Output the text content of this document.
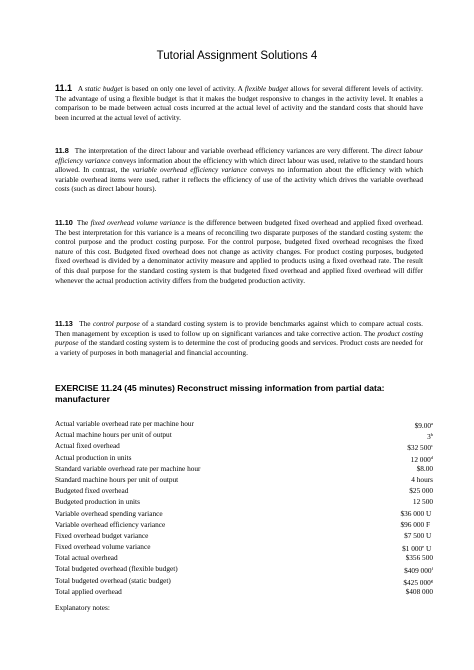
Tutorial Assignment Solutions 4
11.1 A static budget is based on only one level of activity. A flexible budget allows for several different levels of activity. The advantage of using a flexible budget is that it makes the budget responsive to changes in the activity level. It enables a comparison to be made between actual costs incurred at the actual level of activity and the standard costs that should have been incurred at the actual level of activity.
11.8 The interpretation of the direct labour and variable overhead efficiency variances are very different. The direct labour efficiency variance conveys information about the efficiency with which direct labour was used, relative to the standard hours allowed. In contrast, the variable overhead efficiency variance conveys no information about the efficiency with which variable overhead items were used, rather it reflects the efficiency of use of the activity which drives the variable overhead costs (such as direct labour hours).
11.10 The fixed overhead volume variance is the difference between budgeted fixed overhead and applied fixed overhead. The best interpretation for this variance is a means of reconciling two disparate purposes of the standard costing system: the control purpose and the product costing purpose. For the control purpose, budgeted fixed overhead recognises the fixed nature of this cost. Budgeted fixed overhead does not change as activity changes. For product costing purposes, budgeted fixed overhead is divided by a denominator activity measure and applied to products using a fixed overhead rate. The result of this dual purpose for the standard costing system is that budgeted fixed overhead and applied fixed overhead will differ whenever the actual production activity differs from the budgeted production activity.
11.13 The control purpose of a standard costing system is to provide benchmarks against which to compare actual costs. Then management by exception is used to follow up on significant variances and take corrective action. The product costing purpose of the standard costing system is to determine the cost of producing goods and services. Product costs are needed for a variety of purposes in both managerial and financial accounting.
EXERCISE 11.24 (45 minutes) Reconstruct missing information from partial data: manufacturer
Actual variable overhead rate per machine hour	$9.00$^a$
Actual machine hours per unit of output	3$^b$
Actual fixed overhead	$32 500$^c$
Actual production in units	12 000$^d$
Standard variable overhead rate per machine hour	$8.00
Standard machine hours per unit of output	4 hours
Budgeted fixed overhead	$25 000
Budgeted production in units	12 500
Variable overhead spending variance	$36 000 U
Variable overhead efficiency variance	$96 000 F
Fixed overhead budget variance	$7 500 U
Fixed overhead volume variance	$1 000e U
Total actual overhead	$356 500
Total budgeted overhead (flexible budget)	$409 000$^f$
Total budgeted overhead (static budget)	$425 000$^g$
Total applied overhead	$408 000
Explanatory notes:
